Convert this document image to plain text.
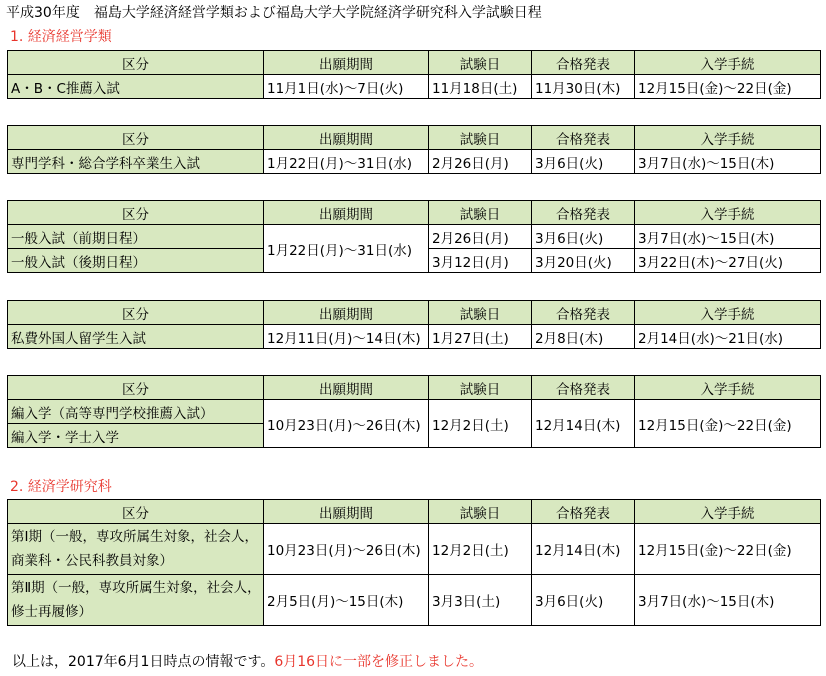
平成30年度　福島大学経済経営学類および福島大学大学院経済学研究科入学試験日程
1. 経済経営学類
区分	出願期間	試験日	合格発表	入学手続
A・B・C推薦入試	11月1日(水)～7日(火)	11月18日(土)	11月30日(木)	12月15日(金)～22日(金)
区分	出願期間	試験日	合格発表	入学手続
専門学科・総合学科卒業生入試	1月22日(月)～31日(水)	2月26日(月)	3月6日(火)	3月7日(水)～15日(木)
区分	出願期間	試験日	合格発表	入学手続
一般入試（前期日程）	1月22日(月)～31日(水)	2月26日(月)	3月6日(火)	3月7日(水)～15日(木)
一般入試（後期日程）		3月12日(月)	3月20日(火)	3月22日(木)～27日(火)
区分	出願期間	試験日	合格発表	入学手続
私費外国人留学生入試	12月11日(月)～14日(木)	1月27日(土)	2月8日(木)	2月14日(水)～21日(水)
区分	出願期間	試験日	合格発表	入学手続
編入学（高等専門学校推薦入試）	10月23日(月)～26日(木)	12月2日(土)	12月14日(木)	12月15日(金)～22日(金)
編入学・学士入学				
2. 経済学研究科
区分	出願期間	試験日	合格発表	入学手続
第Ⅰ期（一般，専攻所属生対象，社会人，商業科・公民科教員対象）	10月23日(月)～26日(木)	12月2日(土)	12月14日(木)	12月15日(金)～22日(金)
第Ⅱ期（一般，専攻所属生対象，社会人，修士再履修）	2月5日(月)～15日(木)	3月3日(土)	3月6日(火)	3月7日(水)～15日(木)
以上は，2017年6月1日時点の情報です。6月16日に一部を修正しました。
